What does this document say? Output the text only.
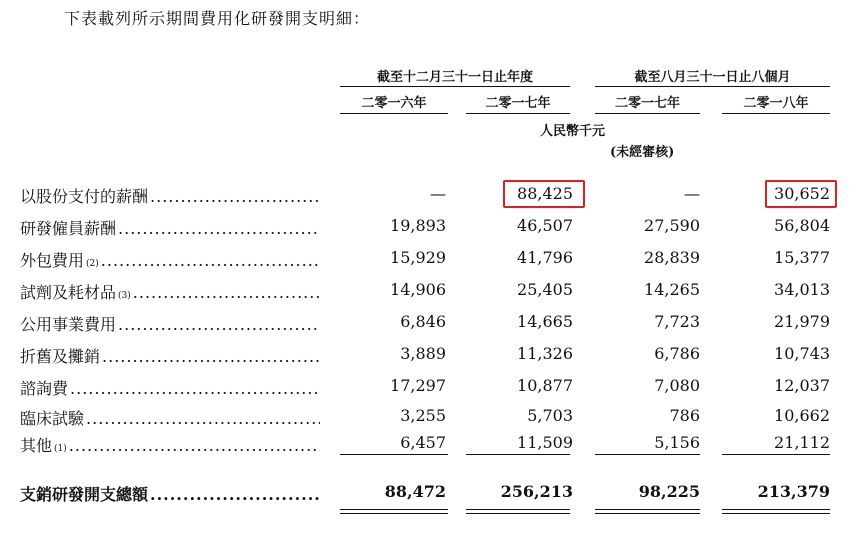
下表載列所示期間費用化研發開支明細：
截至十二月三十一日止年度	截至八月三十一日止八個月
二零一六年	二零一七年	二零一七年	二零一八年
人民幣千元
(未經審核)
以股份支付的薪酬 .....	—	88,425	—	30,652
研發僱員薪酬 .....	19,893	46,507	27,590	56,804
外包費用$_{(2)}$ .....	15,929	41,796	28,839	15,377
試劑及耗材品$_{(3)}$ .....	14,906	25,405	14,265	34,013
公用事業費用 .....	6,846	14,665	7,723	21,979
折舊及攤銷 .....	3,889	11,326	6,786	10,743
諮詢費 .....	17,297	10,877	7,080	12,037
臨床試驗 .....	3,255	5,703	786	10,662
其他$_{(1)}$ .....	6,457	11,509	5,156	21,112
支銷研發開支總額 .....	88,472	256,213	98,225	213,379
